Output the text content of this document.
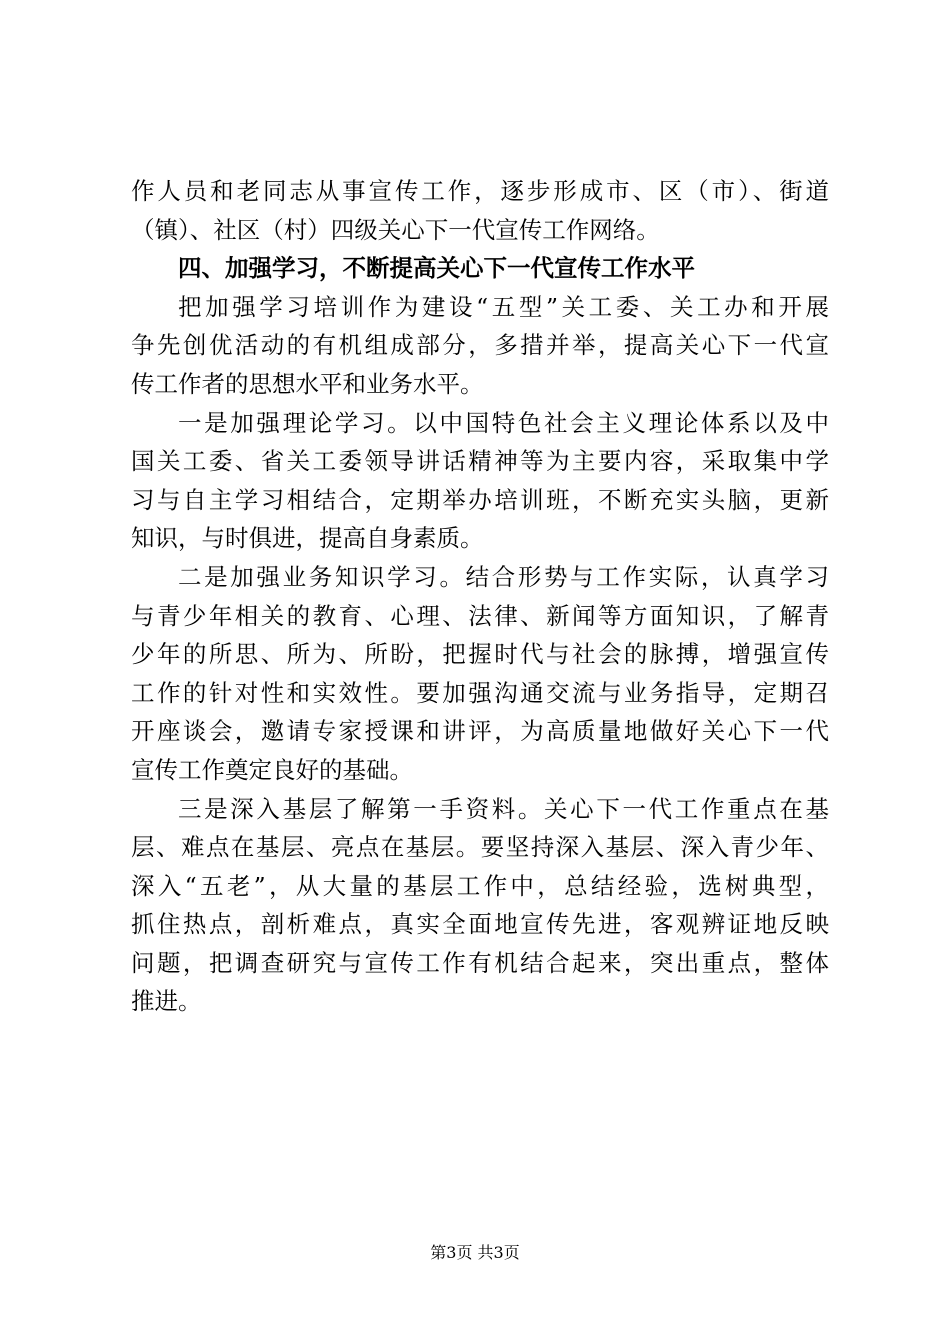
作人员和老同志从事宣传工作，逐步形成市、区（市）、街道
（镇）、社区（村）四级关心下一代宣传工作网络。
四、加强学习，不断提高关心下一代宣传工作水平
把加强学习培训作为建设“五型”关工委、关工办和开展
争先创优活动的有机组成部分，多措并举，提高关心下一代宣
传工作者的思想水平和业务水平。
一是加强理论学习。以中国特色社会主义理论体系以及中
国关工委、省关工委领导讲话精神等为主要内容，采取集中学
习与自主学习相结合，定期举办培训班，不断充实头脑，更新
知识，与时俱进，提高自身素质。
二是加强业务知识学习。结合形势与工作实际，认真学习
与青少年相关的教育、心理、法律、新闻等方面知识，了解青
少年的所思、所为、所盼，把握时代与社会的脉搏，增强宣传
工作的针对性和实效性。要加强沟通交流与业务指导，定期召
开座谈会，邀请专家授课和讲评，为高质量地做好关心下一代
宣传工作奠定良好的基础。
三是深入基层了解第一手资料。关心下一代工作重点在基
层、难点在基层、亮点在基层。要坚持深入基层、深入青少年、
深入“五老”，从大量的基层工作中，总结经验，选树典型，
抓住热点，剖析难点，真实全面地宣传先进，客观辨证地反映
问题，把调查研究与宣传工作有机结合起来，突出重点，整体
推进。
第3页 共3页
